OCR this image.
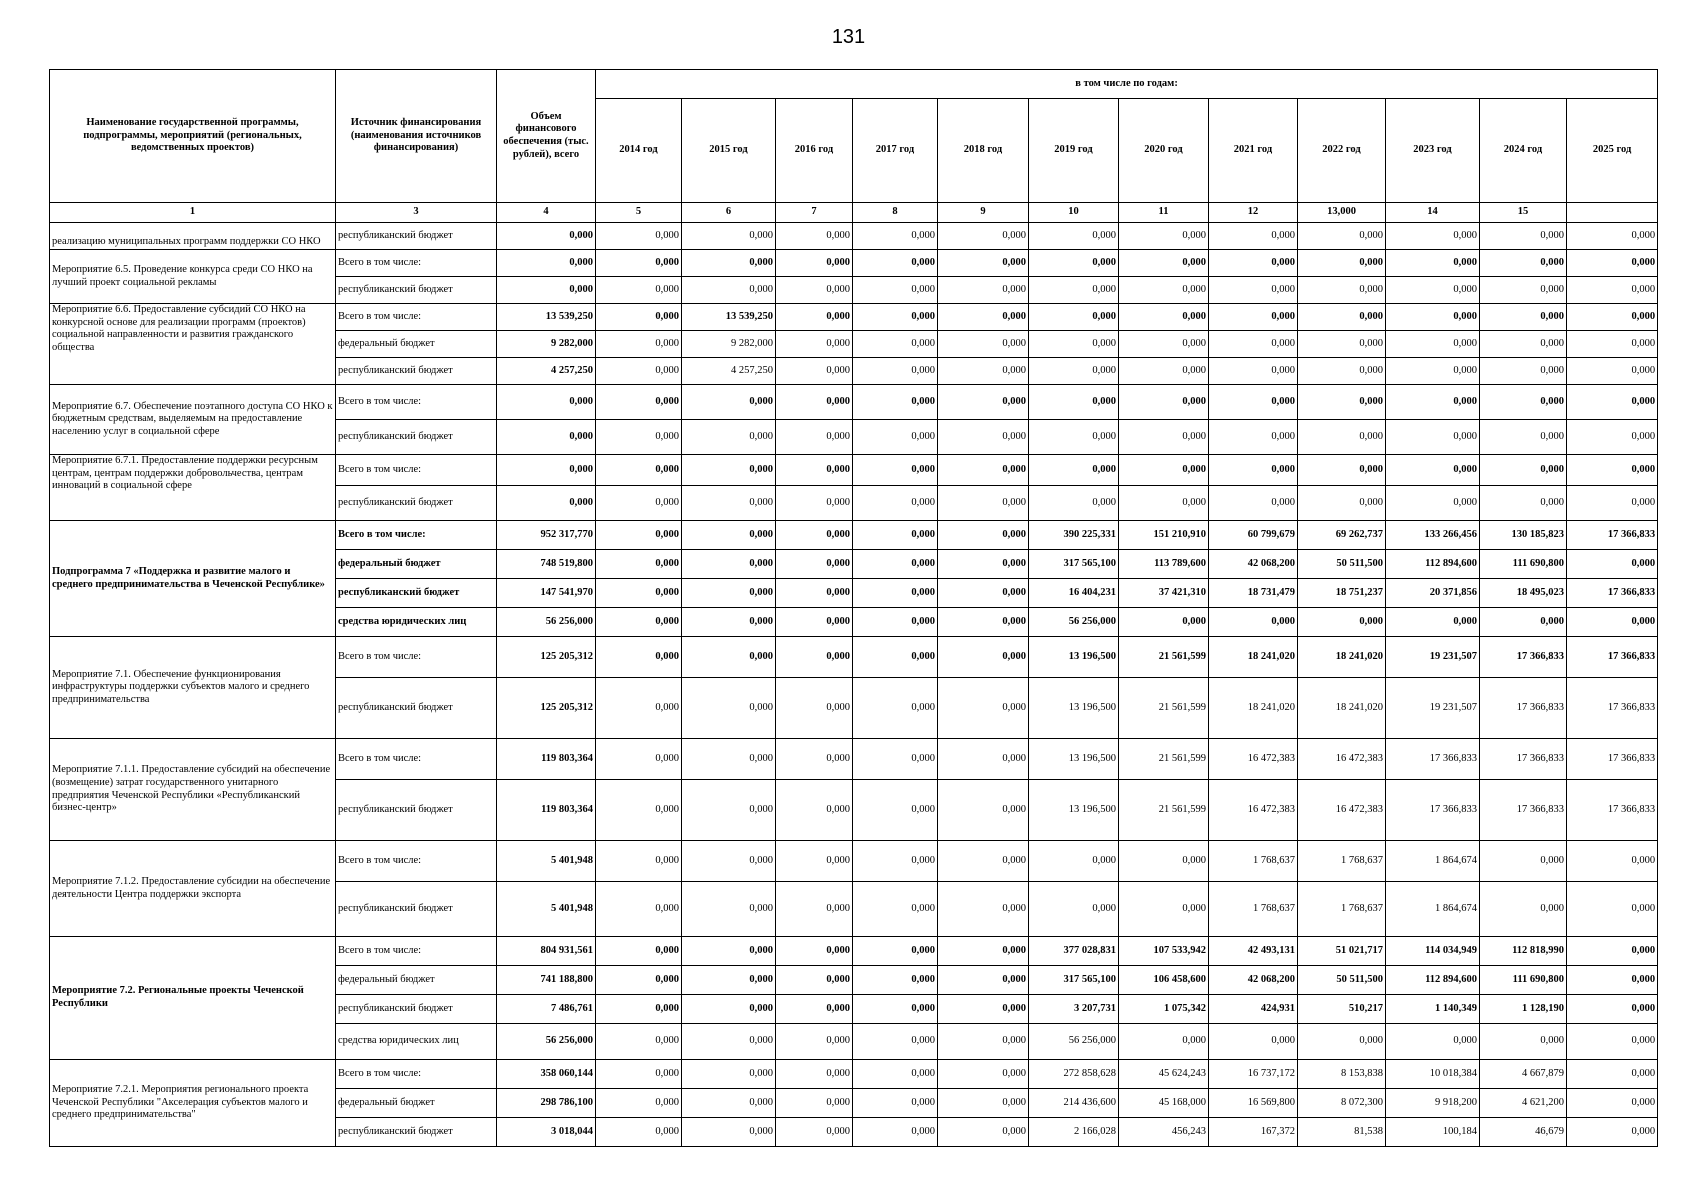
131
Наименование государственной программы, подпрограммы, мероприятий (региональных, ведомственных проектов)	Источник финансирования (наименования источников финансирования)	Объем финансового обеспечения (тыс. рублей), всего	в том числе по годам:											
			2014 год	2015 год	2016 год	2017 год	2018 год	2019 год	2020 год	2021 год	2022 год	2023 год	2024 год	2025 год
1	3	4	5	6	7	8	9	10	11	12	13,000	14	15	

реализацию муниципальных программ поддержки СО НКО	республиканский бюджет	0,000	0,000	0,000	0,000	0,000	0,000	0,000	0,000	0,000	0,000	0,000	0,000	0,000
Мероприятие 6.5. Проведение конкурса среди СО НКО на лучший проект социальной рекламы	Всего в том числе:	0,000	0,000	0,000	0,000	0,000	0,000	0,000	0,000	0,000	0,000	0,000	0,000	0,000
	республиканский бюджет	0,000	0,000	0,000	0,000	0,000	0,000	0,000	0,000	0,000	0,000	0,000	0,000	0,000
Мероприятие 6.6. Предоставление субсидий СО НКО на конкурсной основе для реализации программ (проектов) социальной направленности и развития гражданского общества	Всего в том числе:	13 539,250	0,000	13 539,250	0,000	0,000	0,000	0,000	0,000	0,000	0,000	0,000	0,000	0,000
	федеральный бюджет	9 282,000	0,000	9 282,000	0,000	0,000	0,000	0,000	0,000	0,000	0,000	0,000	0,000	0,000
	республиканский бюджет	4 257,250	0,000	4 257,250	0,000	0,000	0,000	0,000	0,000	0,000	0,000	0,000	0,000	0,000
Мероприятие 6.7. Обеспечение поэтапного доступа СО НКО к бюджетным средствам, выделяемым на предоставление населению услуг в социальной сфере	Всего в том числе:	0,000	0,000	0,000	0,000	0,000	0,000	0,000	0,000	0,000	0,000	0,000	0,000	0,000
	республиканский бюджет	0,000	0,000	0,000	0,000	0,000	0,000	0,000	0,000	0,000	0,000	0,000	0,000	0,000
Мероприятие 6.7.1. Предоставление поддержки ресурсным центрам, центрам поддержки добровольчества, центрам инноваций в социальной сфере	Всего в том числе:	0,000	0,000	0,000	0,000	0,000	0,000	0,000	0,000	0,000	0,000	0,000	0,000	0,000
	республиканский бюджет	0,000	0,000	0,000	0,000	0,000	0,000	0,000	0,000	0,000	0,000	0,000	0,000	0,000
Подпрограмма 7 «Поддержка и развитие малого и среднего предпринимательства в Чеченской Республике»	Всего в том числе:	952 317,770	0,000	0,000	0,000	0,000	0,000	390 225,331	151 210,910	60 799,679	69 262,737	133 266,456	130 185,823	17 366,833
	федеральный бюджет	748 519,800	0,000	0,000	0,000	0,000	0,000	317 565,100	113 789,600	42 068,200	50 511,500	112 894,600	111 690,800	0,000
	республиканский бюджет	147 541,970	0,000	0,000	0,000	0,000	0,000	16 404,231	37 421,310	18 731,479	18 751,237	20 371,856	18 495,023	17 366,833
	средства юридических лиц	56 256,000	0,000	0,000	0,000	0,000	0,000	56 256,000	0,000	0,000	0,000	0,000	0,000	0,000
Мероприятие 7.1. Обеспечение функционирования инфраструктуры поддержки субъектов малого и среднего предпринимательства	Всего в том числе:	125 205,312	0,000	0,000	0,000	0,000	0,000	13 196,500	21 561,599	18 241,020	18 241,020	19 231,507	17 366,833	17 366,833
	республиканский бюджет	125 205,312	0,000	0,000	0,000	0,000	0,000	13 196,500	21 561,599	18 241,020	18 241,020	19 231,507	17 366,833	17 366,833
Мероприятие 7.1.1. Предоставление субсидий на обеспечение (возмещение) затрат государственного унитарного предприятия Чеченской Республики «Республиканский бизнес-центр»	Всего в том числе:	119 803,364	0,000	0,000	0,000	0,000	0,000	13 196,500	21 561,599	16 472,383	16 472,383	17 366,833	17 366,833	17 366,833
	республиканский бюджет	119 803,364	0,000	0,000	0,000	0,000	0,000	13 196,500	21 561,599	16 472,383	16 472,383	17 366,833	17 366,833	17 366,833
Мероприятие 7.1.2. Предоставление субсидии на обеспечение деятельности Центра поддержки экспорта	Всего в том числе:	5 401,948	0,000	0,000	0,000	0,000	0,000	0,000	0,000	1 768,637	1 768,637	1 864,674	0,000	0,000
	республиканский бюджет	5 401,948	0,000	0,000	0,000	0,000	0,000	0,000	0,000	1 768,637	1 768,637	1 864,674	0,000	0,000
Мероприятие 7.2. Региональные проекты Чеченской Республики	Всего в том числе:	804 931,561	0,000	0,000	0,000	0,000	0,000	377 028,831	107 533,942	42 493,131	51 021,717	114 034,949	112 818,990	0,000
	федеральный бюджет	741 188,800	0,000	0,000	0,000	0,000	0,000	317 565,100	106 458,600	42 068,200	50 511,500	112 894,600	111 690,800	0,000
	республиканский бюджет	7 486,761	0,000	0,000	0,000	0,000	0,000	3 207,731	1 075,342	424,931	510,217	1 140,349	1 128,190	0,000
	средства юридических лиц	56 256,000	0,000	0,000	0,000	0,000	0,000	56 256,000	0,000	0,000	0,000	0,000	0,000	0,000
Мероприятие 7.2.1. Мероприятия регионального проекта Чеченской Республики "Акселерация субъектов малого и среднего предпринимательства"	Всего в том числе:	358 060,144	0,000	0,000	0,000	0,000	0,000	272 858,628	45 624,243	16 737,172	8 153,838	10 018,384	4 667,879	0,000
	федеральный бюджет	298 786,100	0,000	0,000	0,000	0,000	0,000	214 436,600	45 168,000	16 569,800	8 072,300	9 918,200	4 621,200	0,000
	республиканский бюджет	3 018,044	0,000	0,000	0,000	0,000	0,000	2 166,028	456,243	167,372	81,538	100,184	46,679	0,000
